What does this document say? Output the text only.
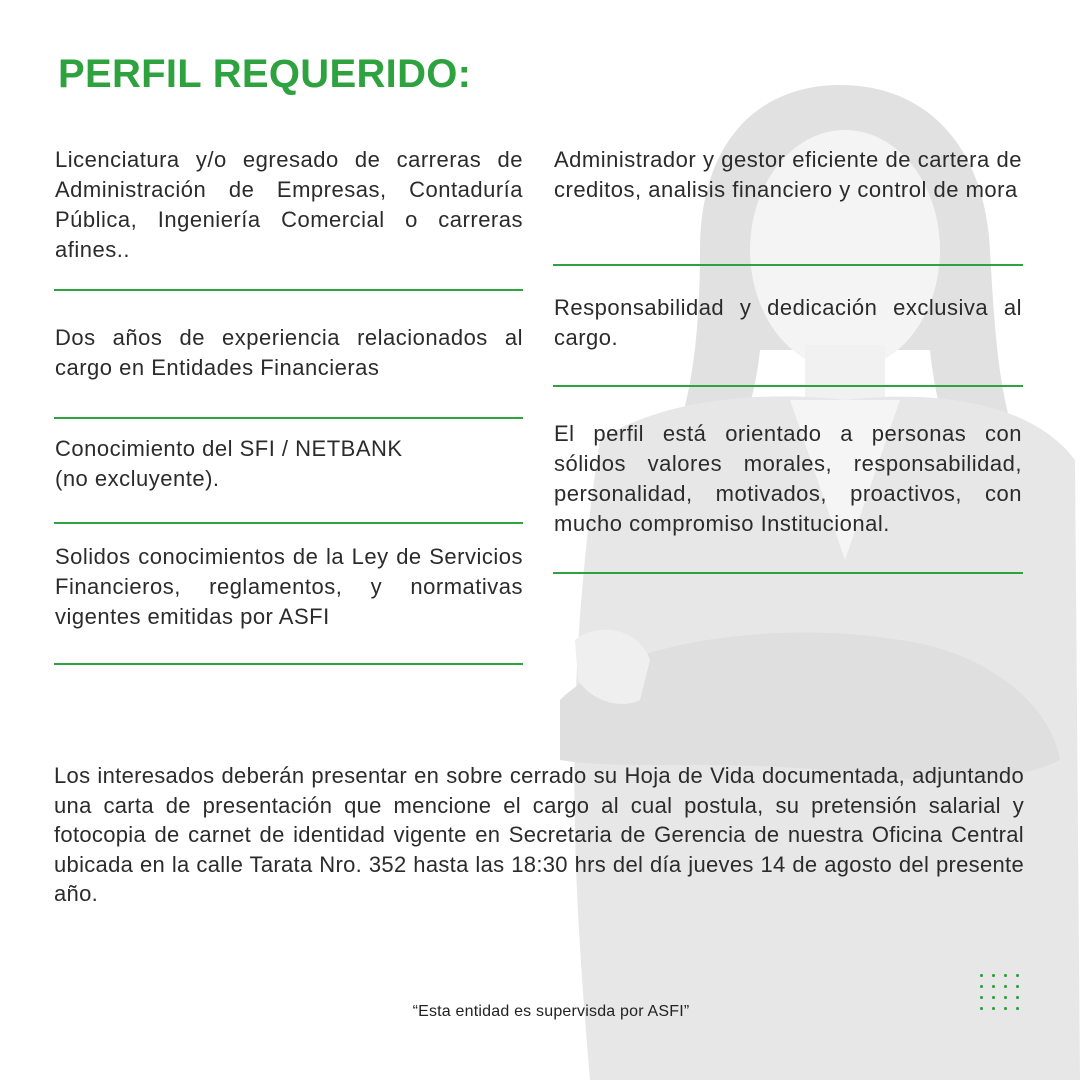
PERFIL REQUERIDO:

Licenciatura y/o egresado de carreras de Administración de Empresas, Contaduría Pública, Ingeniería Comercial o carreras afines..

Dos años de experiencia relacionados al cargo en Entidades Financieras

Conocimiento del SFI / NETBANK
(no excluyente).

Solidos conocimientos de la Ley de Servicios Financieros, reglamentos, y normativas vigentes emitidas por ASFI

Administrador y gestor eficiente de cartera de creditos, analisis financiero y control de mora

Responsabilidad y dedicación exclusiva al cargo.

El perfil está orientado a personas con sólidos valores morales, responsabilidad, personalidad, motivados, proactivos, con mucho compromiso Institucional.

Los interesados deberán presentar en sobre cerrado su Hoja de Vida documentada, adjuntando una carta de presentación que mencione el cargo al cual postula, su pretensión salarial y fotocopia de carnet de identidad vigente en Secretaria de Gerencia de nuestra Oficina Central ubicada en la calle Tarata Nro. 352 hasta las 18:30 hrs del día jueves 14 de agosto del presente año.

“Esta entidad es supervisda por ASFI”
